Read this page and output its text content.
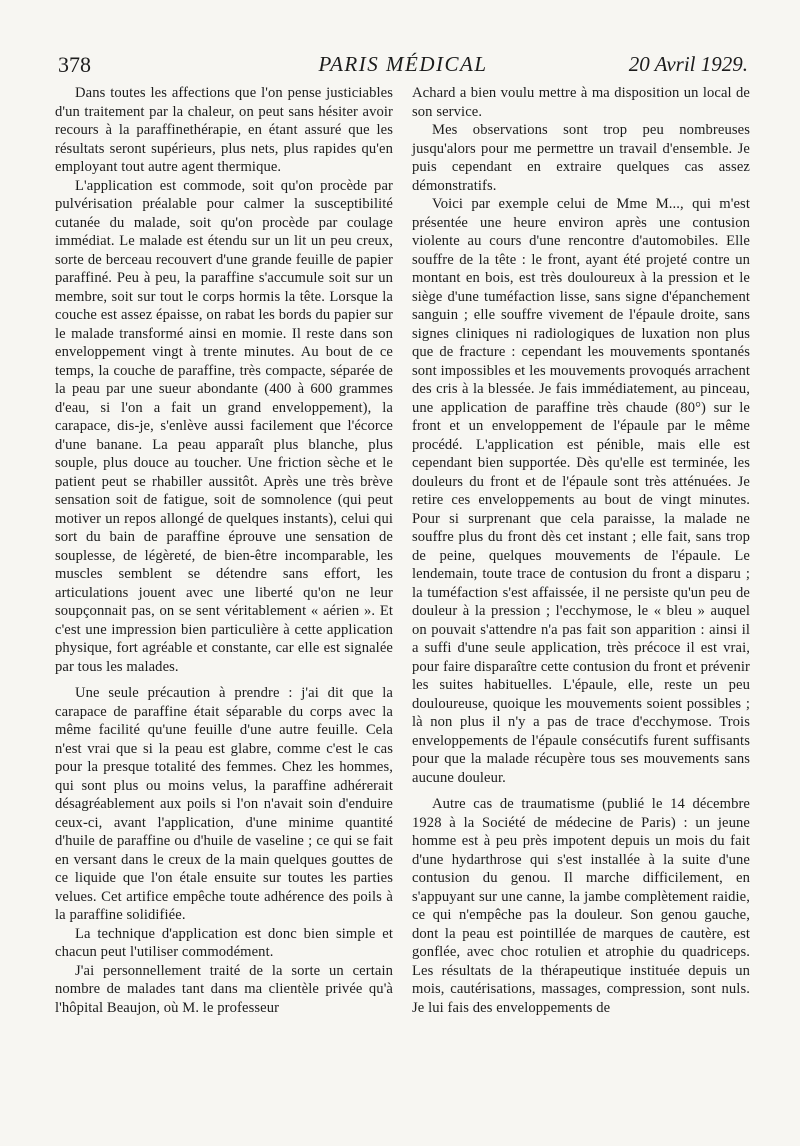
378	PARIS MÉDICAL	20 Avril 1929.

Dans toutes les affections que l'on pense justiciables d'un traitement par la chaleur, on peut sans hésiter avoir recours à la paraffinethérapie, en étant assuré que les résultats seront supérieurs, plus nets, plus rapides qu'en employant tout autre agent thermique.

L'application est commode, soit qu'on procède par pulvérisation préalable pour calmer la susceptibilité cutanée du malade, soit qu'on procède par coulage immédiat. Le malade est étendu sur un lit un peu creux, sorte de berceau recouvert d'une grande feuille de papier paraffiné. Peu à peu, la paraffine s'accumule soit sur un membre, soit sur tout le corps hormis la tête. Lorsque la couche est assez épaisse, on rabat les bords du papier sur le malade transformé ainsi en momie. Il reste dans son enveloppement vingt à trente minutes. Au bout de ce temps, la couche de paraffine, très compacte, séparée de la peau par une sueur abondante (400 à 600 grammes d'eau, si l'on a fait un grand enveloppement), la carapace, dis-je, s'enlève aussi facilement que l'écorce d'une banane. La peau apparaît plus blanche, plus souple, plus douce au toucher. Une friction sèche et le patient peut se rhabiller aussitôt. Après une très brève sensation soit de fatigue, soit de somnolence (qui peut motiver un repos allongé de quelques instants), celui qui sort du bain de paraffine éprouve une sensation de souplesse, de légèreté, de bien-être incomparable, les muscles semblent se détendre sans effort, les articulations jouent avec une liberté qu'on ne leur soupçonnait pas, on se sent véritablement « aérien ». Et c'est une impression bien particulière à cette application physique, fort agréable et constante, car elle est signalée par tous les malades.

Une seule précaution à prendre : j'ai dit que la carapace de paraffine était séparable du corps avec la même facilité qu'une feuille d'une autre feuille. Cela n'est vrai que si la peau est glabre, comme c'est le cas pour la presque totalité des femmes. Chez les hommes, qui sont plus ou moins velus, la paraffine adhérerait désagréablement aux poils si l'on n'avait soin d'enduire ceux-ci, avant l'application, d'une minime quantité d'huile de paraffine ou d'huile de vaseline ; ce qui se fait en versant dans le creux de la main quelques gouttes de ce liquide que l'on étale ensuite sur toutes les parties velues. Cet artifice empêche toute adhérence des poils à la paraffine solidifiée.

La technique d'application est donc bien simple et chacun peut l'utiliser commodément.

J'ai personnellement traité de la sorte un certain nombre de malades tant dans ma clientèle privée qu'à l'hôpital Beaujon, où M. le professeur

Achard a bien voulu mettre à ma disposition un local de son service.

Mes observations sont trop peu nombreuses jusqu'alors pour me permettre un travail d'ensemble. Je puis cependant en extraire quelques cas assez démonstratifs.

Voici par exemple celui de Mme M..., qui m'est présentée une heure environ après une contusion violente au cours d'une rencontre d'automobiles. Elle souffre de la tête : le front, ayant été projeté contre un montant en bois, est très douloureux à la pression et le siège d'une tuméfaction lisse, sans signe d'épanchement sanguin ; elle souffre vivement de l'épaule droite, sans signes cliniques ni radiologiques de luxation non plus que de fracture : cependant les mouvements spontanés sont impossibles et les mouvements provoqués arrachent des cris à la blessée. Je fais immédiatement, au pinceau, une application de paraffine très chaude (80°) sur le front et un enveloppement de l'épaule par le même procédé. L'application est pénible, mais elle est cependant bien supportée. Dès qu'elle est terminée, les douleurs du front et de l'épaule sont très atténuées. Je retire ces enveloppements au bout de vingt minutes. Pour si surprenant que cela paraisse, la malade ne souffre plus du front dès cet instant ; elle fait, sans trop de peine, quelques mouvements de l'épaule. Le lendemain, toute trace de contusion du front a disparu ; la tuméfaction s'est affaissée, il ne persiste qu'un peu de douleur à la pression ; l'ecchymose, le « bleu » auquel on pouvait s'attendre n'a pas fait son apparition : ainsi il a suffi d'une seule application, très précoce il est vrai, pour faire disparaître cette contusion du front et prévenir les suites habituelles. L'épaule, elle, reste un peu douloureuse, quoique les mouvements soient possibles ; là non plus il n'y a pas de trace d'ecchymose. Trois enveloppements de l'épaule consécutifs furent suffisants pour que la malade récupère tous ses mouvements sans aucune douleur.

Autre cas de traumatisme (publié le 14 décembre 1928 à la Société de médecine de Paris) : un jeune homme est à peu près impotent depuis un mois du fait d'une hydarthrose qui s'est installée à la suite d'une contusion du genou. Il marche difficilement, en s'appuyant sur une canne, la jambe complètement raidie, ce qui n'empêche pas la douleur. Son genou gauche, dont la peau est pointillée de marques de cautère, est gonflée, avec choc rotulien et atrophie du quadriceps. Les résultats de la thérapeutique instituée depuis un mois, cautérisations, massages, compression, sont nuls. Je lui fais des enveloppements de
